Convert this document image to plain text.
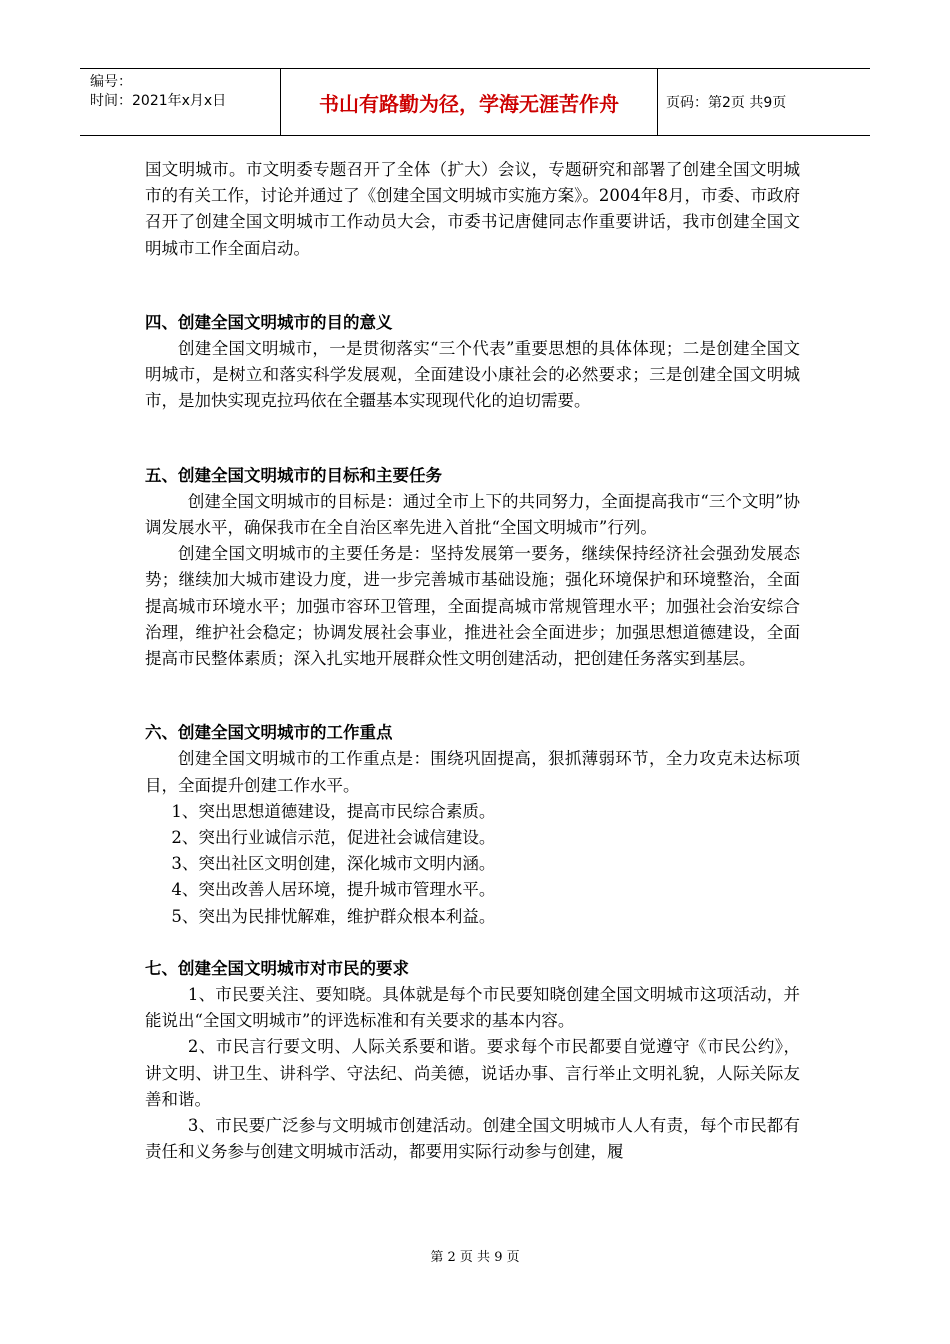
编号：
时间：2021年x月x日	书山有路勤为径，学海无涯苦作舟	页码：第2页 共9页

国文明城市。市文明委专题召开了全体（扩大）会议，专题研究和部署了创建全国文明城市的有关工作，讨论并通过了《创建全国文明城市实施方案》。2004年8月，市委、市政府召开了创建全国文明城市工作动员大会，市委书记唐健同志作重要讲话，我市创建全国文明城市工作全面启动。

四、创建全国文明城市的目的意义

创建全国文明城市，一是贯彻落实“三个代表”重要思想的具体体现；二是创建全国文明城市，是树立和落实科学发展观，全面建设小康社会的必然要求；三是创建全国文明城市，是加快实现克拉玛依在全疆基本实现现代化的迫切需要。

五、创建全国文明城市的目标和主要任务

创建全国文明城市的目标是：通过全市上下的共同努力，全面提高我市“三个文明”协调发展水平，确保我市在全自治区率先进入首批“全国文明城市”行列。

创建全国文明城市的主要任务是：坚持发展第一要务，继续保持经济社会强劲发展态势；继续加大城市建设力度，进一步完善城市基础设施；强化环境保护和环境整治，全面提高城市环境水平；加强市容环卫管理，全面提高城市常规管理水平；加强社会治安综合治理，维护社会稳定；协调发展社会事业，推进社会全面进步；加强思想道德建设，全面提高市民整体素质；深入扎实地开展群众性文明创建活动，把创建任务落实到基层。

六、创建全国文明城市的工作重点

创建全国文明城市的工作重点是：围绕巩固提高，狠抓薄弱环节，全力攻克未达标项目，全面提升创建工作水平。

1、突出思想道德建设，提高市民综合素质。

2、突出行业诚信示范，促进社会诚信建设。

3、突出社区文明创建，深化城市文明内涵。

4、突出改善人居环境，提升城市管理水平。

5、突出为民排忧解难，维护群众根本利益。

七、创建全国文明城市对市民的要求

1、市民要关注、要知晓。具体就是每个市民要知晓创建全国文明城市这项活动，并能说出“全国文明城市”的评选标准和有关要求的基本内容。

2、市民言行要文明、人际关系要和谐。要求每个市民都要自觉遵守《市民公约》，讲文明、讲卫生、讲科学、守法纪、尚美德，说话办事、言行举止文明礼貌，人际关际友善和谐。

3、市民要广泛参与文明城市创建活动。创建全国文明城市人人有责，每个市民都有责任和义务参与创建文明城市活动，都要用实际行动参与创建，履

第 2 页 共 9 页
